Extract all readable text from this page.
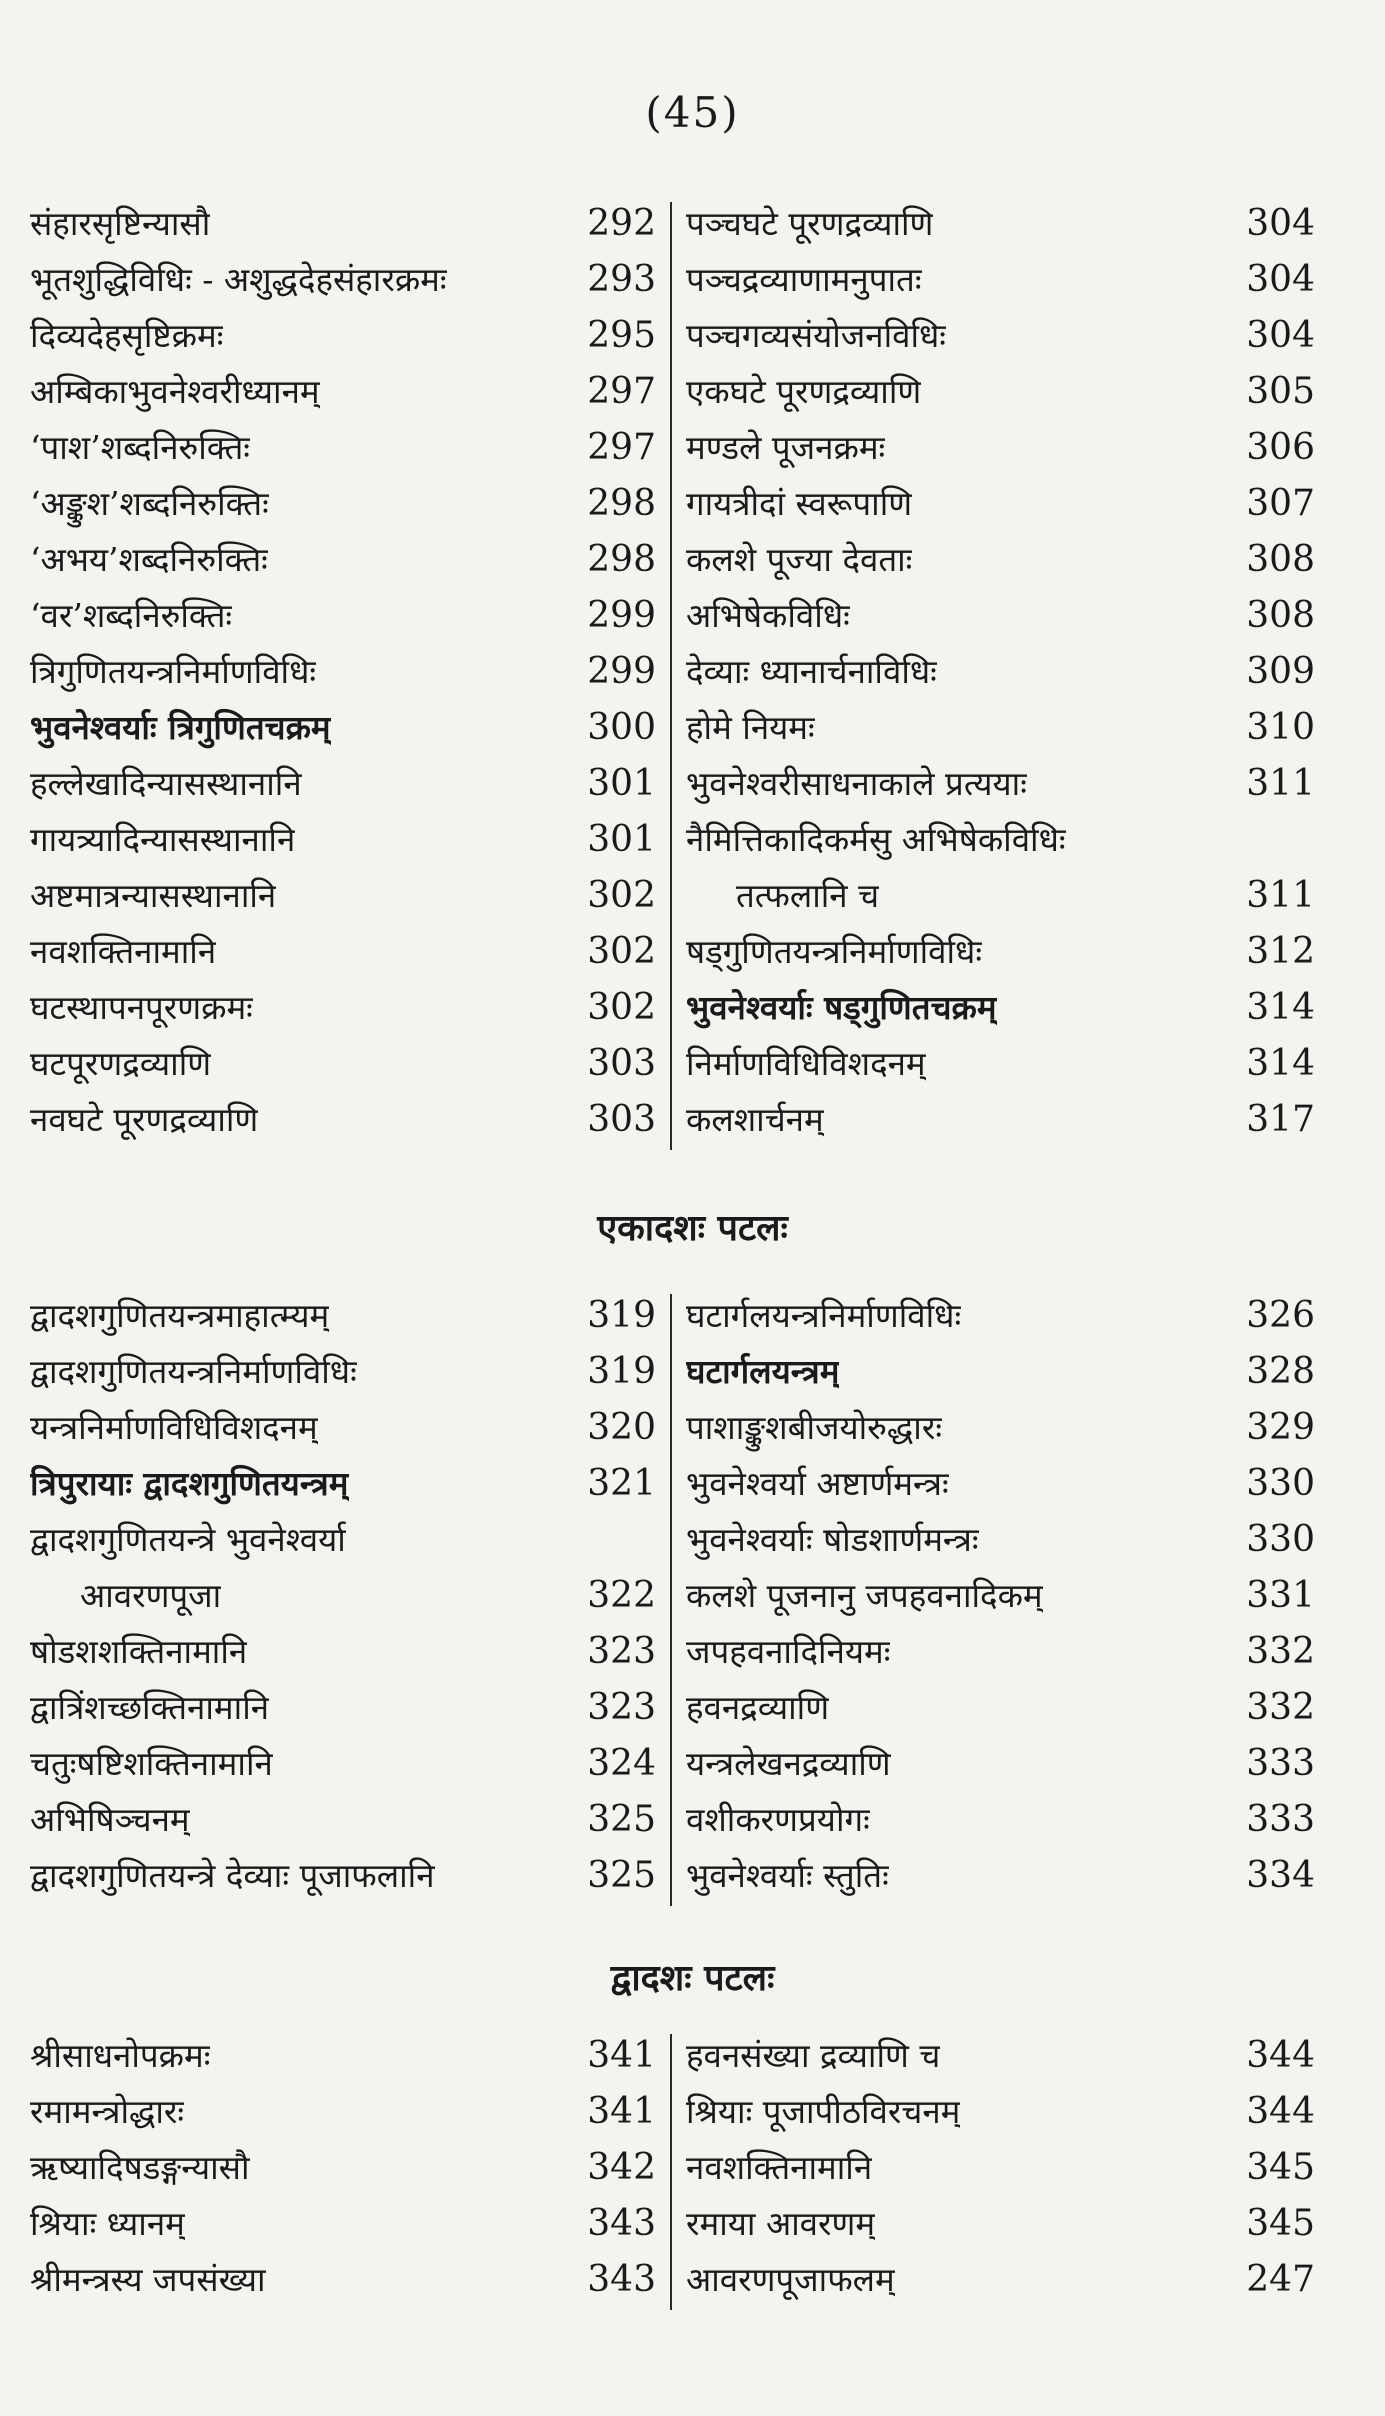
(45)
संहारसृष्टिन्यासौ	292
भूतशुद्धिविधिः - अशुद्धदेहसंहारक्रमः	293
दिव्यदेहसृष्टिक्रमः	295
अम्बिकाभुवनेश्वरीध्यानम्	297
‘पाश’शब्दनिरुक्तिः	297
‘अङ्कुश’शब्दनिरुक्तिः	298
‘अभय’शब्दनिरुक्तिः	298
‘वर’शब्दनिरुक्तिः	299
त्रिगुणितयन्त्रनिर्माणविधिः	299
भुवनेश्वर्याः त्रिगुणितचक्रम्	300
हल्लेखादिन्यासस्थानानि	301
गायत्र्यादिन्यासस्थानानि	301
अष्टमात्रन्यासस्थानानि	302
नवशक्तिनामानि	302
घटस्थापनपूरणक्रमः	302
घटपूरणद्रव्याणि	303
नवघटे पूरणद्रव्याणि	303
पञ्चघटे पूरणद्रव्याणि	304
पञ्चद्रव्याणामनुपातः	304
पञ्चगव्यसंयोजनविधिः	304
एकघटे पूरणद्रव्याणि	305
मण्डले पूजनक्रमः	306
गायत्रीदां स्वरूपाणि	307
कलशे पूज्या देवताः	308
अभिषेकविधिः	308
देव्याः ध्यानार्चनाविधिः	309
होमे नियमः	310
भुवनेश्वरीसाधनाकाले प्रत्ययाः	311
नैमित्तिकादिकर्मसु अभिषेकविधिः
तत्फलानि च	311
षड्गुणितयन्त्रनिर्माणविधिः	312
भुवनेश्वर्याः षड्गुणितचक्रम्	314
निर्माणविधिविशदनम्	314
कलशार्चनम्	317
एकादशः पटलः
द्वादशगुणितयन्त्रमाहात्म्यम्	319
द्वादशगुणितयन्त्रनिर्माणविधिः	319
यन्त्रनिर्माणविधिविशदनम्	320
त्रिपुरायाः द्वादशगुणितयन्त्रम्	321
द्वादशगुणितयन्त्रे भुवनेश्वर्या
आवरणपूजा	322
षोडशशक्तिनामानि	323
द्वात्रिंशच्छक्तिनामानि	323
चतुःषष्टिशक्तिनामानि	324
अभिषिञ्चनम्	325
द्वादशगुणितयन्त्रे देव्याः पूजाफलानि	325
घटार्गलयन्त्रनिर्माणविधिः	326
घटार्गलयन्त्रम्	328
पाशाङ्कुशबीजयोरुद्धारः	329
भुवनेश्वर्या अष्टार्णमन्त्रः	330
भुवनेश्वर्याः षोडशार्णमन्त्रः	330
कलशे पूजनानु जपहवनादिकम्	331
जपहवनादिनियमः	332
हवनद्रव्याणि	332
यन्त्रलेखनद्रव्याणि	333
वशीकरणप्रयोगः	333
भुवनेश्वर्याः स्तुतिः	334
द्वादशः पटलः
श्रीसाधनोपक्रमः	341
रमामन्त्रोद्धारः	341
ऋष्यादिषडङ्गन्यासौ	342
श्रियाः ध्यानम्	343
श्रीमन्त्रस्य जपसंख्या	343
हवनसंख्या द्रव्याणि च	344
श्रियाः पूजापीठविरचनम्	344
नवशक्तिनामानि	345
रमाया आवरणम्	345
आवरणपूजाफलम्	247
